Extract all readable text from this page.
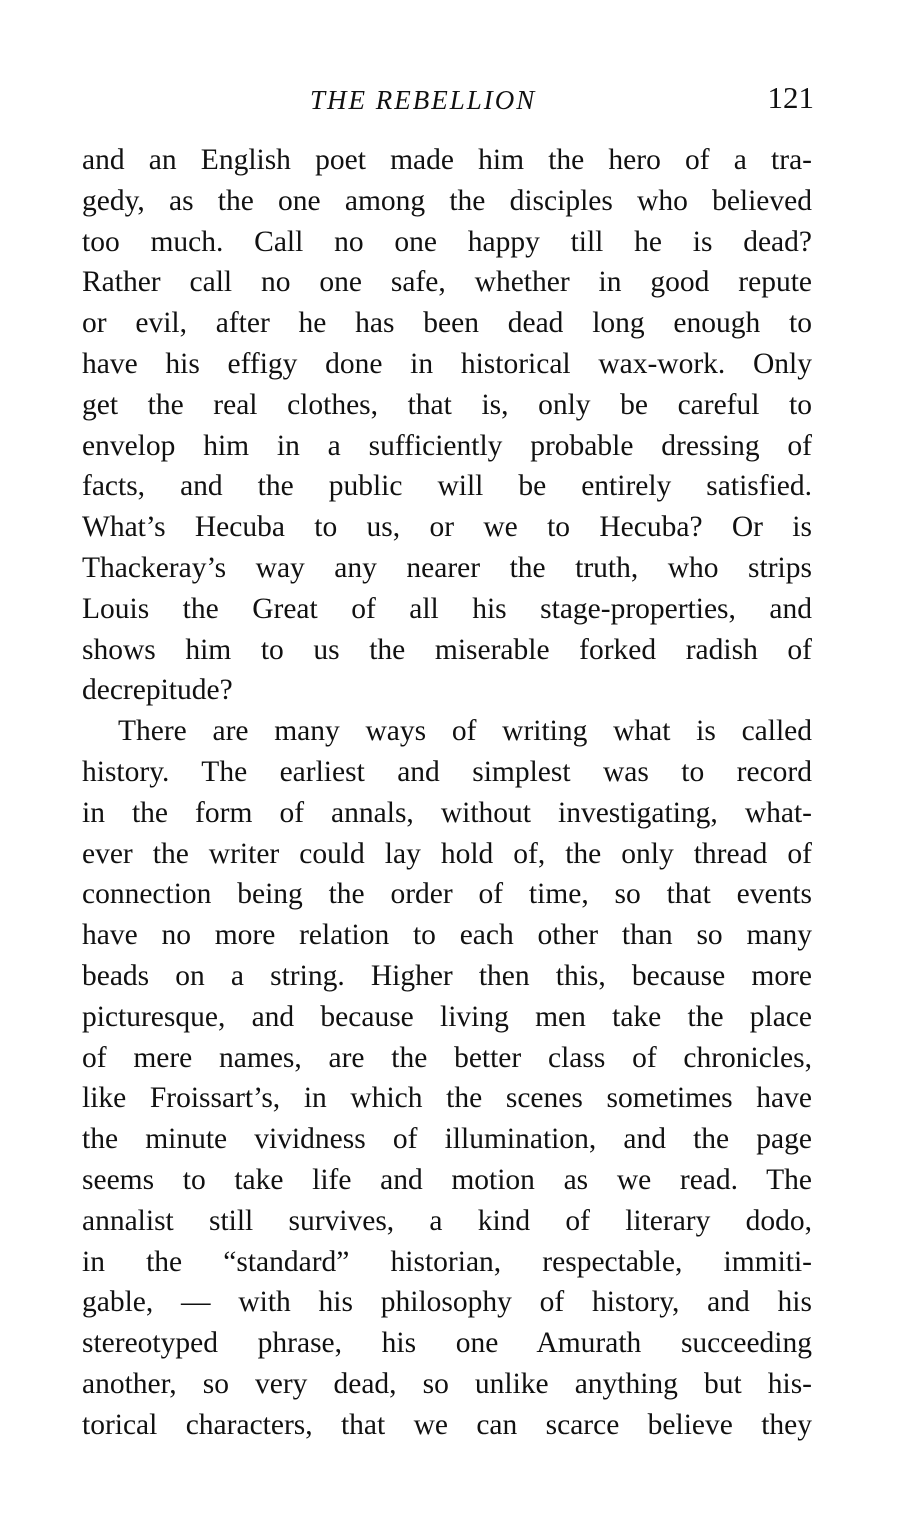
THE REBELLION	121
and an English poet made him the hero of a tra-
gedy, as the one among the disciples who believed
too much. Call no one happy till he is dead?
Rather call no one safe, whether in good repute
or evil, after he has been dead long enough to
have his effigy done in historical wax-work. Only
get the real clothes, that is, only be careful to
envelop him in a sufficiently probable dressing of
facts, and the public will be entirely satisfied.
What’s Hecuba to us, or we to Hecuba? Or is
Thackeray’s way any nearer the truth, who strips
Louis the Great of all his stage-properties, and
shows him to us the miserable forked radish of
decrepitude?
There are many ways of writing what is called
history. The earliest and simplest was to record
in the form of annals, without investigating, what-
ever the writer could lay hold of, the only thread of
connection being the order of time, so that events
have no more relation to each other than so many
beads on a string. Higher then this, because more
picturesque, and because living men take the place
of mere names, are the better class of chronicles,
like Froissart’s, in which the scenes sometimes have
the minute vividness of illumination, and the page
seems to take life and motion as we read. The
annalist still survives, a kind of literary dodo,
in the “standard” historian, respectable, immiti-
gable, — with his philosophy of history, and his
stereotyped phrase, his one Amurath succeeding
another, so very dead, so unlike anything but his-
torical characters, that we can scarce believe they
